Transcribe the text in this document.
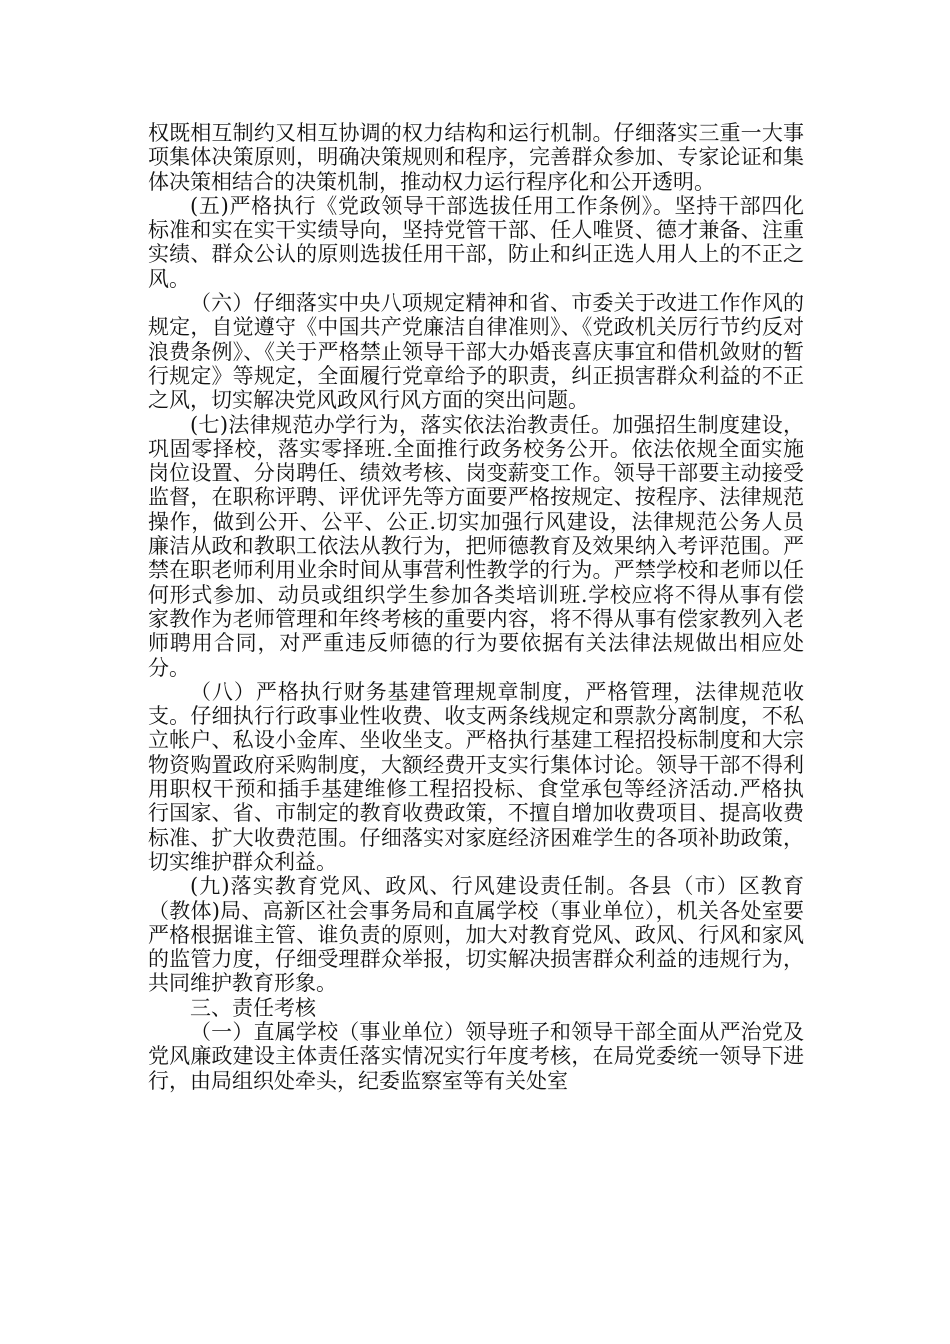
权既相互制约又相互协调的权力结构和运行机制。仔细落实三重一大事项集体决策原则，明确决策规则和程序，完善群众参加、专家论证和集体决策相结合的决策机制，推动权力运行程序化和公开透明。

(五)严格执行《党政领导干部选拔任用工作条例》。坚持干部四化标准和实在实干实绩导向，坚持党管干部、任人唯贤、德才兼备、注重实绩、群众公认的原则选拔任用干部，防止和纠正选人用人上的不正之风。

（六）仔细落实中央八项规定精神和省、市委关于改进工作作风的规定，自觉遵守《中国共产党廉洁自律准则》、《党政机关厉行节约反对浪费条例》、《关于严格禁止领导干部大办婚丧喜庆事宜和借机敛财的暂行规定》等规定，全面履行党章给予的职责，纠正损害群众利益的不正之风，切实解决党风政风行风方面的突出问题。

(七)法律规范办学行为，落实依法治教责任。加强招生制度建设，巩固零择校，落实零择班.全面推行政务校务公开。依法依规全面实施岗位设置、分岗聘任、绩效考核、岗变薪变工作。领导干部要主动接受监督，在职称评聘、评优评先等方面要严格按规定、按程序、法律规范操作，做到公开、公平、公正.切实加强行风建设，法律规范公务人员廉洁从政和教职工依法从教行为，把师德教育及效果纳入考评范围。严禁在职老师利用业余时间从事营利性教学的行为。严禁学校和老师以任何形式参加、动员或组织学生参加各类培训班.学校应将不得从事有偿家教作为老师管理和年终考核的重要内容，将不得从事有偿家教列入老师聘用合同，对严重违反师德的行为要依据有关法律法规做出相应处分。

（八）严格执行财务基建管理规章制度，严格管理，法律规范收支。仔细执行行政事业性收费、收支两条线规定和票款分离制度，不私立帐户、私设小金库、坐收坐支。严格执行基建工程招投标制度和大宗物资购置政府采购制度，大额经费开支实行集体讨论。领导干部不得利用职权干预和插手基建维修工程招投标、食堂承包等经济活动.严格执行国家、省、市制定的教育收费政策，不擅自增加收费项目、提高收费标准、扩大收费范围。仔细落实对家庭经济困难学生的各项补助政策，切实维护群众利益。

(九)落实教育党风、政风、行风建设责任制。各县（市）区教育（教体)局、高新区社会事务局和直属学校（事业单位），机关各处室要严格根据谁主管、谁负责的原则，加大对教育党风、政风、行风和家风的监管力度，仔细受理群众举报，切实解决损害群众利益的违规行为，共同维护教育形象。

三、责任考核

（一）直属学校（事业单位）领导班子和领导干部全面从严治党及党风廉政建设主体责任落实情况实行年度考核，在局党委统一领导下进行，由局组织处牵头，纪委监察室等有关处室
